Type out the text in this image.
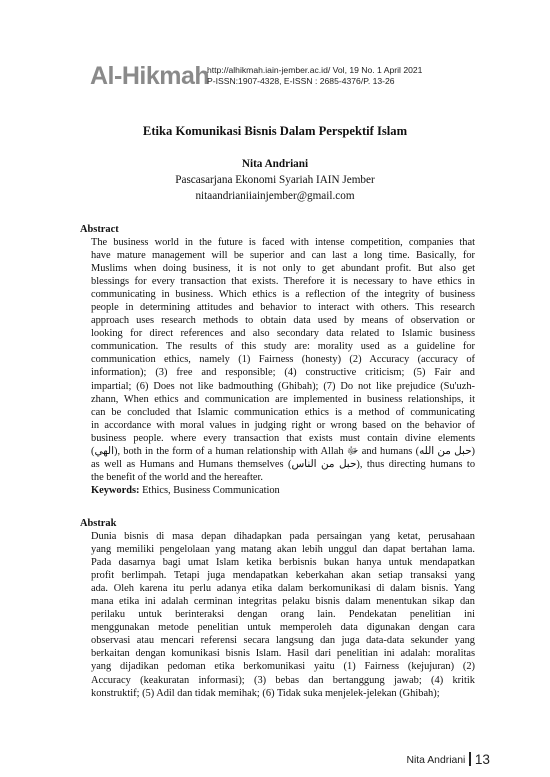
Al-Hikmah
http://alhikmah.iain-jember.ac.id/ Vol, 19 No. 1 April 2021
P-ISSN:1907-4328, E-ISSN : 2685-4376/P. 13-26
Etika Komunikasi Bisnis Dalam Perspektif Islam
Nita Andriani
Pascasarjana Ekonomi Syariah IAIN Jember
nitaandrianiiainjember@gmail.com
Abstract
The business world in the future is faced with intense competition, companies that
have mature management will be superior and can last a long time. Basically, for
Muslims when doing business, it is not only to get abundant profit. But also get
blessings for every transaction that exists. Therefore it is necessary to have ethics in
communicating in business. Which ethics is a reflection of the integrity of business
people in determining attitudes and behavior to interact with others. This research
approach uses research methods to obtain data used by means of observation or
looking for direct references and also secondary data related to Islamic business
communication. The results of this study are: morality used as a guideline for
communication ethics, namely (1) Fairness (honesty) (2) Accuracy (accuracy of
information); (3) free and responsible; (4) constructive criticism; (5) Fair and
impartial; (6) Does not like badmouthing (Ghibah); (7) Do not like prejudice (Su'uzh-
zhann, When ethics and communication are implemented in business relationships, it
can be concluded that Islamic communication ethics is a method of communicating
in accordance with moral values in judging right or wrong based on the behavior of
business people. where every transaction that exists must contain divine elements
(الهي), both in the form of a human relationship with Allah ﷻ and humans (حبل من الله)
as well as Humans and Humans themselves (حبل من الناس), thus directing humans to
the benefit of the world and the hereafter.
Keywords: Ethics, Business Communication
Abstrak
Dunia bisnis di masa depan dihadapkan pada persaingan yang ketat, perusahaan
yang memiliki pengelolaan yang matang akan lebih unggul dan dapat bertahan lama.
Pada dasarnya bagi umat Islam ketika berbisnis bukan hanya untuk mendapatkan
profit berlimpah. Tetapi juga mendapatkan keberkahan akan setiap transaksi yang
ada. Oleh karena itu perlu adanya etika dalam berkomunikasi di dalam bisnis. Yang
mana etika ini adalah cerminan integritas pelaku bisnis dalam menentukan sikap dan
perilaku untuk berinteraksi dengan orang lain. Pendekatan penelitian ini
menggunakan metode penelitian untuk memperoleh data digunakan dengan cara
observasi atau mencari referensi secara langsung dan juga data-data sekunder yang
berkaitan dengan komunikasi bisnis Islam. Hasil dari penelitian ini adalah: moralitas
yang dijadikan pedoman etika berkomunikasi yaitu (1) Fairness (kejujuran) (2)
Accuracy (keakuratan informasi); (3) bebas dan bertanggung jawab; (4) kritik
konstruktif; (5) Adil dan tidak memihak; (6) Tidak suka menjelek-jelekan (Ghibah);
Nita Andriani 13
